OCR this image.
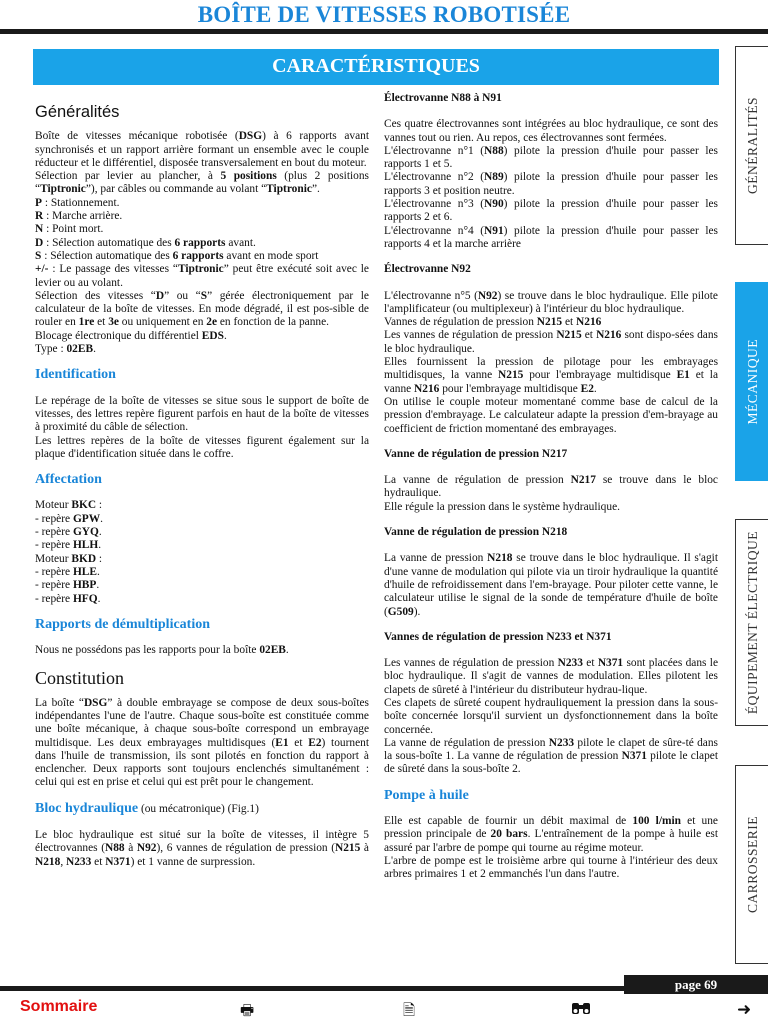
BOÎTE DE VITESSES ROBOTISÉE
CARACTÉRISTIQUES
Généralités

Boîte de vitesses mécanique robotisée (DSG) à 6 rapports avant synchronisés et un rapport arrière formant un ensemble avec le couple réducteur et le différentiel, disposée transversalement en bout du moteur.

Sélection par levier au plancher, à 5 positions (plus 2 positions “Tiptronic”), par câbles ou commande au volant “Tiptronic”.

P : Stationnement.
R : Marche arrière.
N : Point mort.
D : Sélection automatique des 6 rapports avant.
S : Sélection automatique des 6 rapports avant en mode sport

+/- : Le passage des vitesses “Tiptronic” peut être exécuté soit avec le levier ou au volant.

Sélection des vitesses “D” ou “S” gérée électroniquement par le calculateur de la boîte de vitesses. En mode dégradé, il est pos-sible de rouler en 1re et 3e ou uniquement en 2e en fonction de la panne.

Blocage électronique du différentiel EDS.
Type : 02EB.

Identification

Le repérage de la boîte de vitesses se situe sous le support de boîte de vitesses, des lettres repère figurent parfois en haut de la boîte de vitesses à proximité du câble de sélection.

Les lettres repères de la boîte de vitesses figurent également sur la plaque d'identification située dans le coffre.

Affectation

Moteur BKC :
- repère GPW.
- repère GYQ.
- repère HLH.
Moteur BKD :
- repère HLE.
- repère HBP.
- repère HFQ.

Rapports de démultiplication

Nous ne possédons pas les rapports pour la boîte 02EB.

Constitution

La boîte “DSG” à double embrayage se compose de deux sous-boîtes indépendantes l'une de l'autre. Chaque sous-boîte est constituée comme une boîte mécanique, à chaque sous-boîte correspond un embrayage multidisque. Les deux embrayages multidisques (E1 et E2) tournent dans l'huile de transmission, ils sont pilotés en fonction du rapport à enclencher. Deux rapports sont toujours enclenchés simultanément : celui qui est en prise et celui qui est prêt pour le changement.

Bloc hydraulique (ou mécatronique) (Fig.1)

Le bloc hydraulique est situé sur la boîte de vitesses, il intègre 5 électrovannes (N88 à N92), 6 vannes de régulation de pression (N215 à N218, N233 et N371) et 1 vanne de surpression.

Électrovanne N88 à N91

Ces quatre électrovannes sont intégrées au bloc hydraulique, ce sont des vannes tout ou rien. Au repos, ces électrovannes sont fermées.

L'électrovanne n°1 (N88) pilote la pression d'huile pour passer les rapports 1 et 5.

L'électrovanne n°2 (N89) pilote la pression d'huile pour passer les rapports 3 et position neutre.

L'électrovanne n°3 (N90) pilote la pression d'huile pour passer les rapports 2 et 6.

L'électrovanne n°4 (N91) pilote la pression d'huile pour passer les rapports 4 et la marche arrière

Électrovanne N92

L'électrovanne n°5 (N92) se trouve dans le bloc hydraulique. Elle pilote l'amplificateur (ou multiplexeur) à l'intérieur du bloc hydraulique.

Vannes de régulation de pression N215 et N216

Les vannes de régulation de pression N215 et N216 sont dispo-sées dans le bloc hydraulique.

Elles fournissent la pression de pilotage pour les embrayages multidisques, la vanne N215 pour l'embrayage multidisque E1 et la vanne N216 pour l'embrayage multidisque E2.

On utilise le couple moteur momentané comme base de calcul de la pression d'embrayage. Le calculateur adapte la pression d'em-brayage au coefficient de friction momentané des embrayages.

Vanne de régulation de pression N217

La vanne de régulation de pression N217 se trouve dans le bloc hydraulique.

Elle régule la pression dans le système hydraulique.

Vanne de régulation de pression N218

La vanne de pression N218 se trouve dans le bloc hydraulique. Il s'agit d'une vanne de modulation qui pilote via un tiroir hydraulique la quantité d'huile de refroidissement dans l'em-brayage. Pour piloter cette vanne, le calculateur utilise le signal de la sonde de température d'huile de boîte (G509).

Vannes de régulation de pression N233 et N371

Les vannes de régulation de pression N233 et N371 sont placées dans le bloc hydraulique. Il s'agit de vannes de modulation. Elles pilotent les clapets de sûreté à l'intérieur du distributeur hydrau-lique.

Ces clapets de sûreté coupent hydrauliquement la pression dans la sous-boîte concernée lorsqu'il survient un dysfonctionnement dans la boîte concernée.

La vanne de régulation de pression N233 pilote le clapet de sûre-té dans la sous-boîte 1. La vanne de régulation de pression N371 pilote le clapet de sûreté dans la sous-boîte 2.

Pompe à huile

Elle est capable de fournir un débit maximal de 100 l/min et une pression principale de 20 bars. L'entraînement de la pompe à huile est assuré par l'arbre de pompe qui tourne au régime moteur.

L'arbre de pompe est le troisième arbre qui tourne à l'intérieur des deux arbres primaires 1 et 2 emmanchés l'un dans l'autre.

GÉNÉRALITÉS
MÉCANIQUE
ÉQUIPEMENT ÉLECTRIQUE
CARROSSERIE
page 69
Sommaire	🖶	🗎	➜
